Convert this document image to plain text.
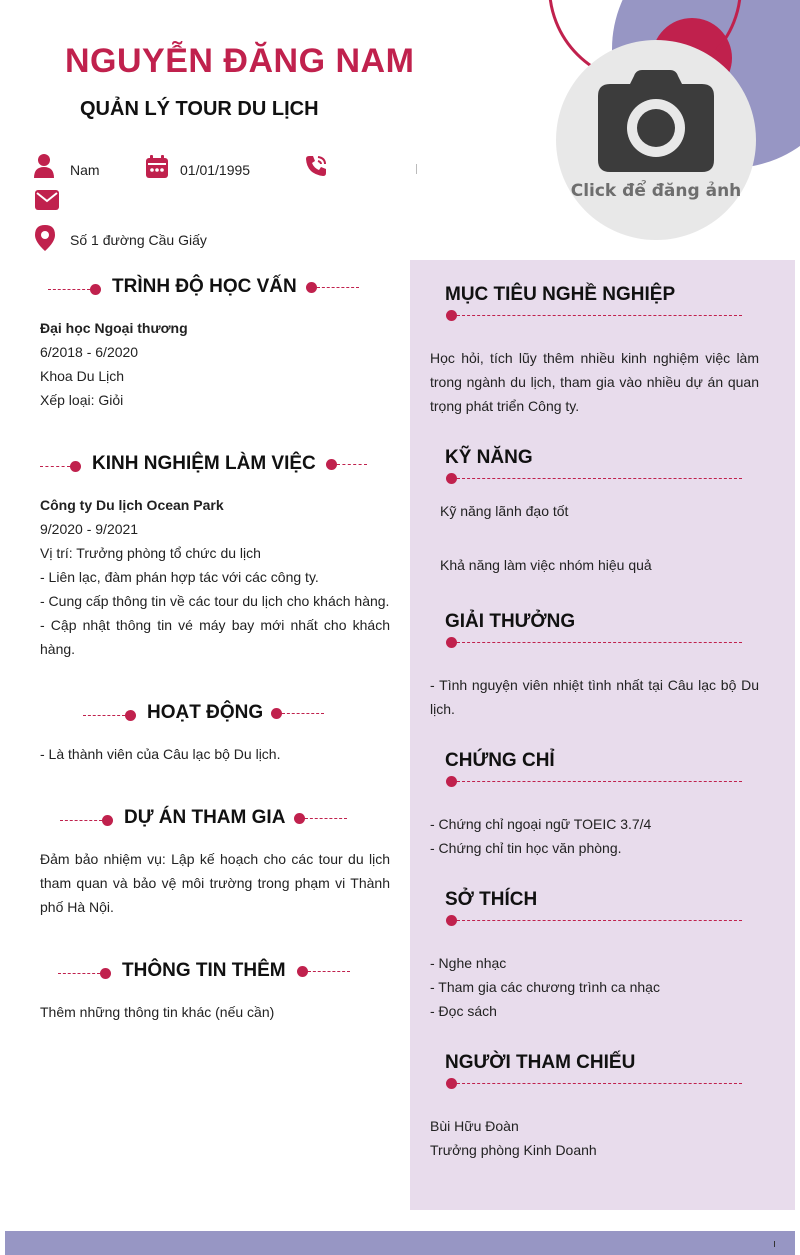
Click để đăng ảnh
NGUYỄN ĐĂNG NAM
QUẢN LÝ TOUR DU LỊCH
Nam	01/01/1995
Số 1 đường Cầu Giấy
TRÌNH ĐỘ HỌC VẤN
Đại học Ngoại thương
6/2018 - 6/2020
Khoa Du Lịch
Xếp loại: Giỏi
KINH NGHIỆM LÀM VIỆC
Công ty Du lịch Ocean Park
9/2020 - 9/2021
Vị trí: Trưởng phòng tổ chức du lịch
- Liên lạc, đàm phán hợp tác với các công ty.
- Cung cấp thông tin về các tour du lịch cho khách hàng.
- Cập nhật thông tin vé máy bay mới nhất cho khách hàng.
HOẠT ĐỘNG
- Là thành viên của Câu lạc bộ Du lịch.
DỰ ÁN THAM GIA
Đảm bảo nhiệm vụ: Lập kế hoạch cho các tour du lịch tham quan và bảo vệ môi trường trong phạm vi Thành phố Hà Nội.
THÔNG TIN THÊM
Thêm những thông tin khác (nếu cần)
MỤC TIÊU NGHỀ NGHIỆP
Học hỏi, tích lũy thêm nhiều kinh nghiệm việc làm trong ngành du lịch, tham gia vào nhiều dự án quan trọng phát triển Công ty.
KỸ NĂNG
Kỹ năng lãnh đạo tốt
Khả năng làm việc nhóm hiệu quả
GIẢI THƯỞNG
- Tình nguyện viên nhiệt tình nhất tại Câu lạc bộ Du lịch.
CHỨNG CHỈ
- Chứng chỉ ngoại ngữ TOEIC 3.7/4
- Chứng chỉ tin học văn phòng.
SỞ THÍCH
- Nghe nhạc
- Tham gia các chương trình ca nhạc
- Đọc sách
NGƯỜI THAM CHIẾU
Bùi Hữu Đoàn
Trưởng phòng Kinh Doanh
